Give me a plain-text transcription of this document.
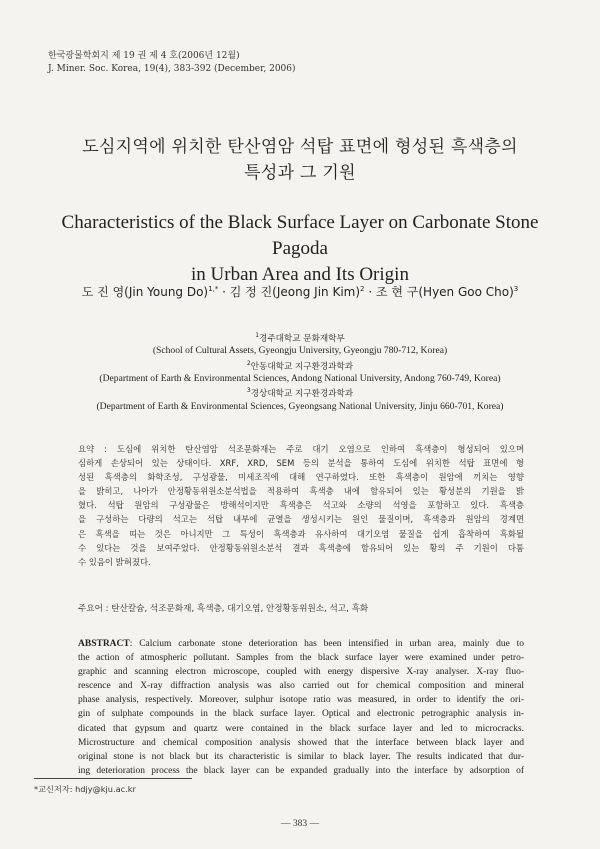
한국광물학회지 제 19 권 제 4 호(2006년 12월)
J. Miner. Soc. Korea, 19(4), 383-392 (December, 2006)
도심지역에 위치한 탄산염암 석탑 표면에 형성된 흑색층의
특성과 그 기원
Characteristics of the Black Surface Layer on Carbonate Stone Pagoda
in Urban Area and Its Origin
도 진 영(Jin Young Do)$^{1,*}$ · 김 정 진(Jeong Jin Kim)$^2$ · 조 현 구(Hyen Goo Cho)$^3$
$^1$경주대학교 문화재학부
(School of Cultural Assets, Gyeongju University, Gyeongju 780-712, Korea)
$^2$안동대학교 지구환경과학과
(Department of Earth & Environmental Sciences, Andong National University, Andong 760-749, Korea)
$^3$경상대학교 지구환경과학과
(Department of Earth & Environmental Sciences, Gyeongsang National University, Jinju 660-701, Korea)
요약 : 도심에 위치한 탄산염암 석조문화재는 주로 대기 오염으로 인하여 흑색층이 형성되어 있으며
심하게 손상되어 있는 상태이다. XRF, XRD, SEM 등의 분석을 통하여 도심에 위치한 석탑 표면에 형
성된 흑색층의 화학조성, 구성광물, 미세조직에 대해 연구하였다. 또한 흑색층이 원암에 끼치는 영향
을 밝히고, 나아가 안정황동위원소분석법을 적용하여 흑색층 내에 함유되어 있는 황성분의 기원을 밝
혔다. 석탑 원암의 구성광물은 방해석이지만 흑색층은 석고와 소량의 석영을 포함하고 있다. 흑색층
을 구성하는 다량의 석고는 석탑 내부에 균열을 생성시키는 원인 물질이며, 흑색층과 원암의 경계면
은 흑색을 띠는 것은 아니지만 그 특성이 흑색층과 유사하여 대기오염 물질을 쉽게 흡착하여 흑화될
수 있다는 것을 보여주었다. 안정황동위원소분석 결과 흑색층에 함유되어 있는 황의 주 기원이 다툼
수 있음이 밝혀졌다.
주요어 : 탄산칼슘, 석조문화재, 흑색층, 대기오염, 안정황동위원소, 석고, 흑화
ABSTRACT: Calcium carbonate stone deterioration has been intensified in urban area, mainly due to
the action of atmospheric pollutant. Samples from the black surface layer were examined under petro-
graphic and scanning electron microscope, coupled with energy dispersive X-ray analyser. X-ray fluo-
rescence and X-ray diffraction analysis was also carried out for chemical composition and mineral
phase analysis, respectively. Moreover, sulphur isotope ratio was measured, in order to identify the ori-
gin of sulphate compounds in the black surface layer. Optical and electronic petrographic analysis in-
dicated that gypsum and quartz were contained in the black surface layer and led to microcracks.
Microstructure and chemical composition analysis showed that the interface between black layer and
original stone is not black but its characteristic is similar to black layer. The results indicated that dur-
ing deterioration process the black layer can be expanded gradually into the interface by adsorption of
*교신저자: hdjy@kju.ac.kr
— 383 —
